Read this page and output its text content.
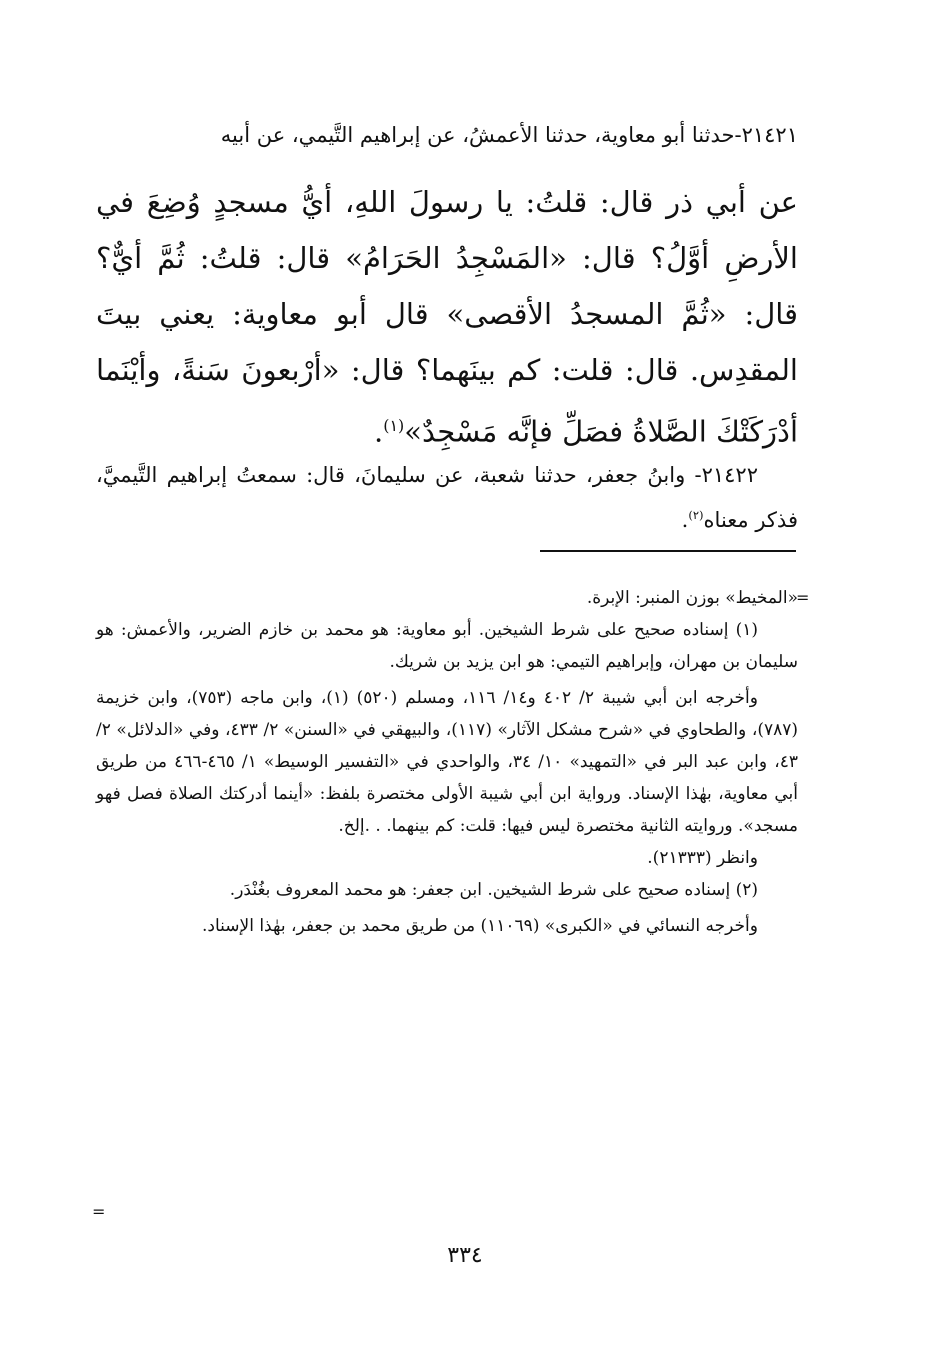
٢١٤٢١-حدثنا أبو معاوية، حدثنا الأعمشُ، عن إبراهيم التَّيمي، عن أبيه
عن أبي ذر قال: قلتُ: يا رسولَ اللهِ، أيُّ مسجدٍ وُضِعَ في الأرضِ أوَّلُ؟ قال: «المَسْجِدُ الحَرَامُ» قال: قلتُ: ثُمَّ أيٌّ؟ قال: «ثُمَّ المسجدُ الأقصى» قال أبو معاوية: يعني بيتَ المقدِس. قال: قلت: كم بينَهما؟ قال: «أرْبعونَ سَنةً، وأيْنَما أدْرَكَتْكَ الصَّلاةُ فصَلِّ فإنَّه مَسْجِدٌ»$^{(١)}$.
٢١٤٢٢- وابنُ جعفر، حدثنا شعبة، عن سليمانَ، قال: سمعتُ إبراهيم التَّيميَّ، فذكر معناه$^{(٢)}$.
=

«المخيط» بوزن المنبر: الإبرة.

(١) إسناده صحيح على شرط الشيخين. أبو معاوية: هو محمد بن خازم الضرير، والأعمش: هو سليمان بن مهران، وإبراهيم التيمي: هو ابن يزيد بن شريك.

وأخرجه ابن أبي شيبة ٢/ ٤٠٢ و١٤/ ١١٦، ومسلم (٥٢٠) (١)، وابن ماجه (٧٥٣)، وابن خزيمة (٧٨٧)، والطحاوي في «شرح مشكل الآثار» (١١٧)، والبيهقي في «السنن» ٢/ ٤٣٣، وفي «الدلائل» ٢/ ٤٣، وابن عبد البر في «التمهيد» ١٠/ ٣٤، والواحدي في «التفسير الوسيط» ١/ ٤٦٥-٤٦٦ من طريق أبي معاوية، بهٰذا الإسناد. ورواية ابن أبي شيبة الأولى مختصرة بلفظ: «أينما أدركتك الصلاة فصل فهو مسجد». وروايته الثانية مختصرة ليس فيها: قلت: كم بينهما. . .إلخ.

وانظر (٢١٣٣٣).

(٢) إسناده صحيح على شرط الشيخين. ابن جعفر: هو محمد المعروف بغُنْدَر.

وأخرجه النسائي في «الكبرى» (١١٠٦٩) من طريق محمد بن جعفر، بهٰذا الإسناد.

=
٣٣٤
